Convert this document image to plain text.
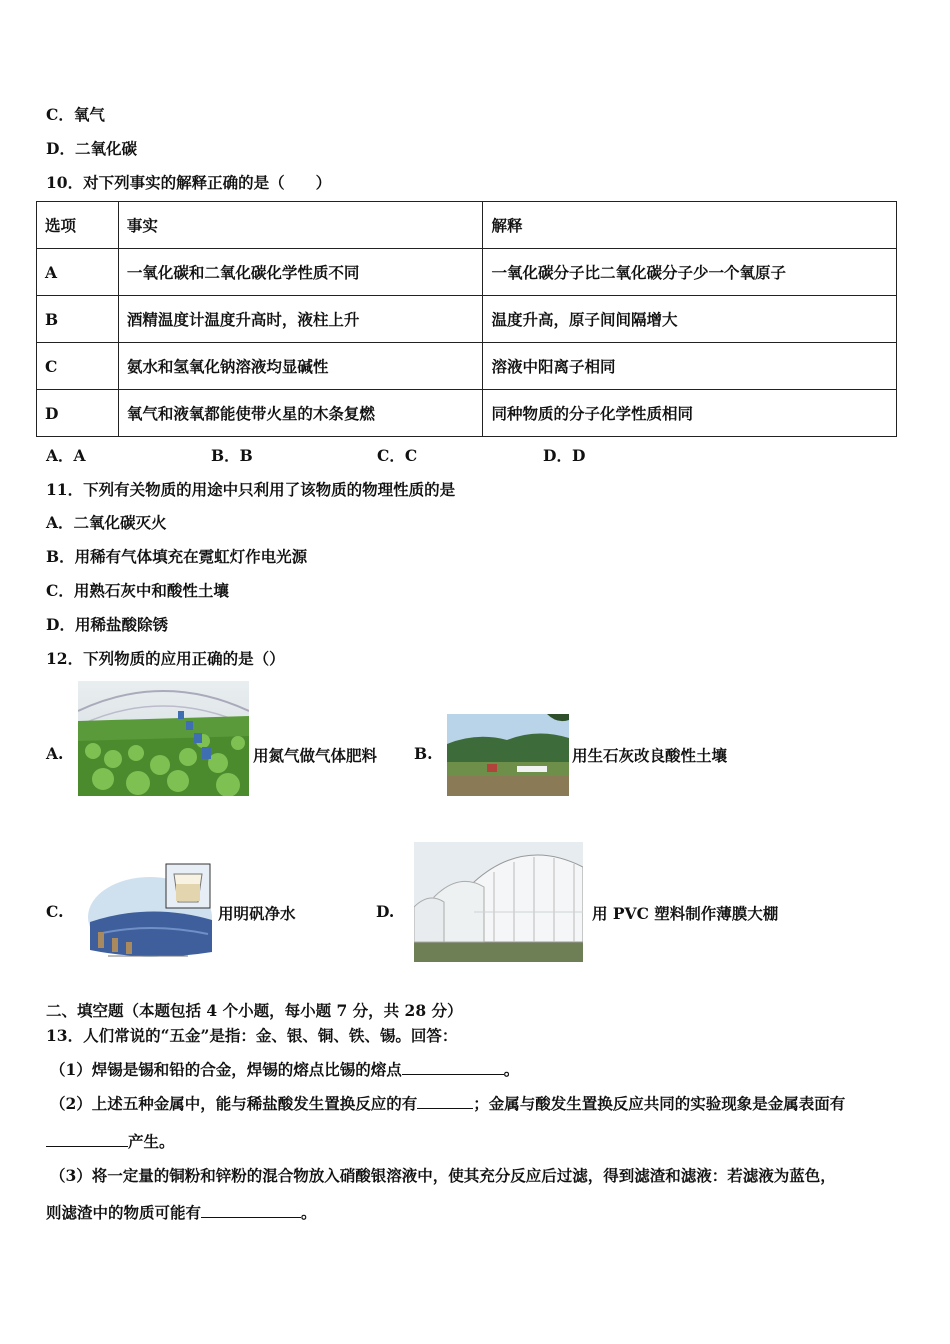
C．氧气
D．二氧化碳
10．对下列事实的解释正确的是（　　）
选项	事实	解释
A	一氧化碳和二氧化碳化学性质不同	一氧化碳分子比二氧化碳分子少一个氧原子
B	酒精温度计温度升高时，液柱上升	温度升高，原子间间隔增大
C	氨水和氢氧化钠溶液均显碱性	溶液中阳离子相同
D	氧气和液氧都能使带火星的木条复燃	同种物质的分子化学性质相同
A．A	B．B	C．C	D．D
11．下列有关物质的用途中只利用了该物质的物理性质的是
A．二氧化碳灭火
B．用稀有气体填充在霓虹灯作电光源
C．用熟石灰中和酸性土壤
D．用稀盐酸除锈
12．下列物质的应用正确的是（）
A.	用氮气做气体肥料 B.	用生石灰改良酸性土壤
C.	用明矾净水	D.	用 PVC 塑料制作薄膜大棚
二、填空题（本题包括 4 个小题，每小题 7 分，共 28 分）
13．人们常说的“五金”是指：金、银、铜、铁、锡。回答：
（1）焊锡是锡和铅的合金，焊锡的熔点比锡的熔点	。
（2）上述五种金属中，能与稀盐酸发生置换反应的有	；金属与酸发生置换反应共同的实验现象是金属表面有
产生。
（3）将一定量的铜粉和锌粉的混合物放入硝酸银溶液中，使其充分反应后过滤，得到滤渣和滤液：若滤液为蓝色，
则滤渣中的物质可能有	。
